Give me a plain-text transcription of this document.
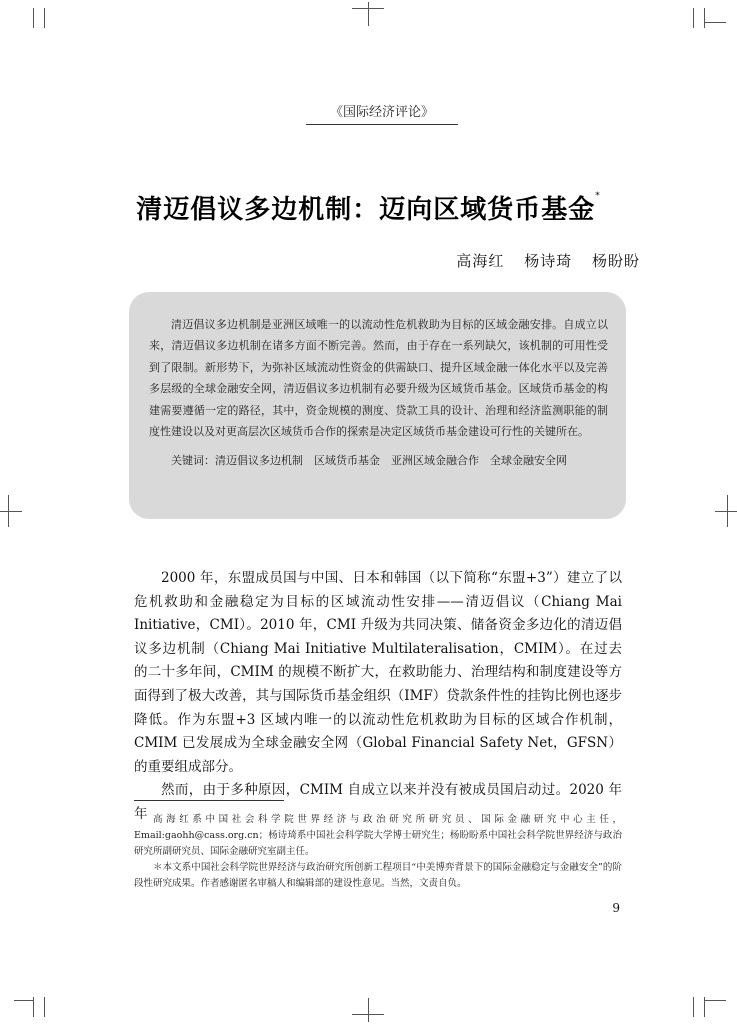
《国际经济评论》
清迈倡议多边机制：迈向区域货币基金*
高海红 杨诗琦 杨盼盼
清迈倡议多边机制是亚洲区域唯一的以流动性危机救助为目标的区域金融安排。自成立以来，清迈倡议多边机制在诸多方面不断完善。然而，由于存在一系列缺欠，该机制的可用性受到了限制。新形势下，为弥补区域流动性资金的供需缺口、提升区域金融一体化水平以及完善多层级的全球金融安全网，清迈倡议多边机制有必要升级为区域货币基金。区域货币基金的构建需要遵循一定的路径，其中，资金规模的测度、贷款工具的设计、治理和经济监测职能的制度性建设以及对更高层次区域货币合作的探索是决定区域货币基金建设可行性的关键所在。
关键词：清迈倡议多边机制　区域货币基金　亚洲区域金融合作　全球金融安全网

2000 年，东盟成员国与中国、日本和韩国（以下简称“东盟+3”）建立了以危机救助和金融稳定为目标的区域流动性安排——清迈倡议（Chiang Mai Initiative，CMI）。2010 年，CMI 升级为共同决策、储备资金多边化的清迈倡议多边机制（Chiang Mai Initiative Multilateralisation，CMIM）。在过去的二十多年间，CMIM 的规模不断扩大，在救助能力、治理结构和制度建设等方面得到了极大改善，其与国际货币基金组织（IMF）贷款条件性的挂钩比例也逐步降低。作为东盟+3 区域内唯一的以流动性危机救助为目标的区域合作机制，CMIM 已发展成为全球金融安全网（Global Financial Safety Net，GFSN）的重要组成部分。

然而，由于多种原因，CMIM 自成立以来并没有被成员国启动过。2020 年年 高海红系中国社会科学院世界经济与政治研究所研究员、国际金融研究中心主任，Email:gaohh@cass.org.cn；杨诗琦系中国社会科学院大学博士研究生；杨盼盼系中国社会科学院世界经济与政治研究所副研究员、国际金融研究室副主任。

＊本文系中国社会科学院世界经济与政治研究所创新工程项目“中美博弈背景下的国际金融稳定与金融安全”的阶段性研究成果。作者感谢匿名审稿人和编辑部的建设性意见。当然，文责自负。

9
